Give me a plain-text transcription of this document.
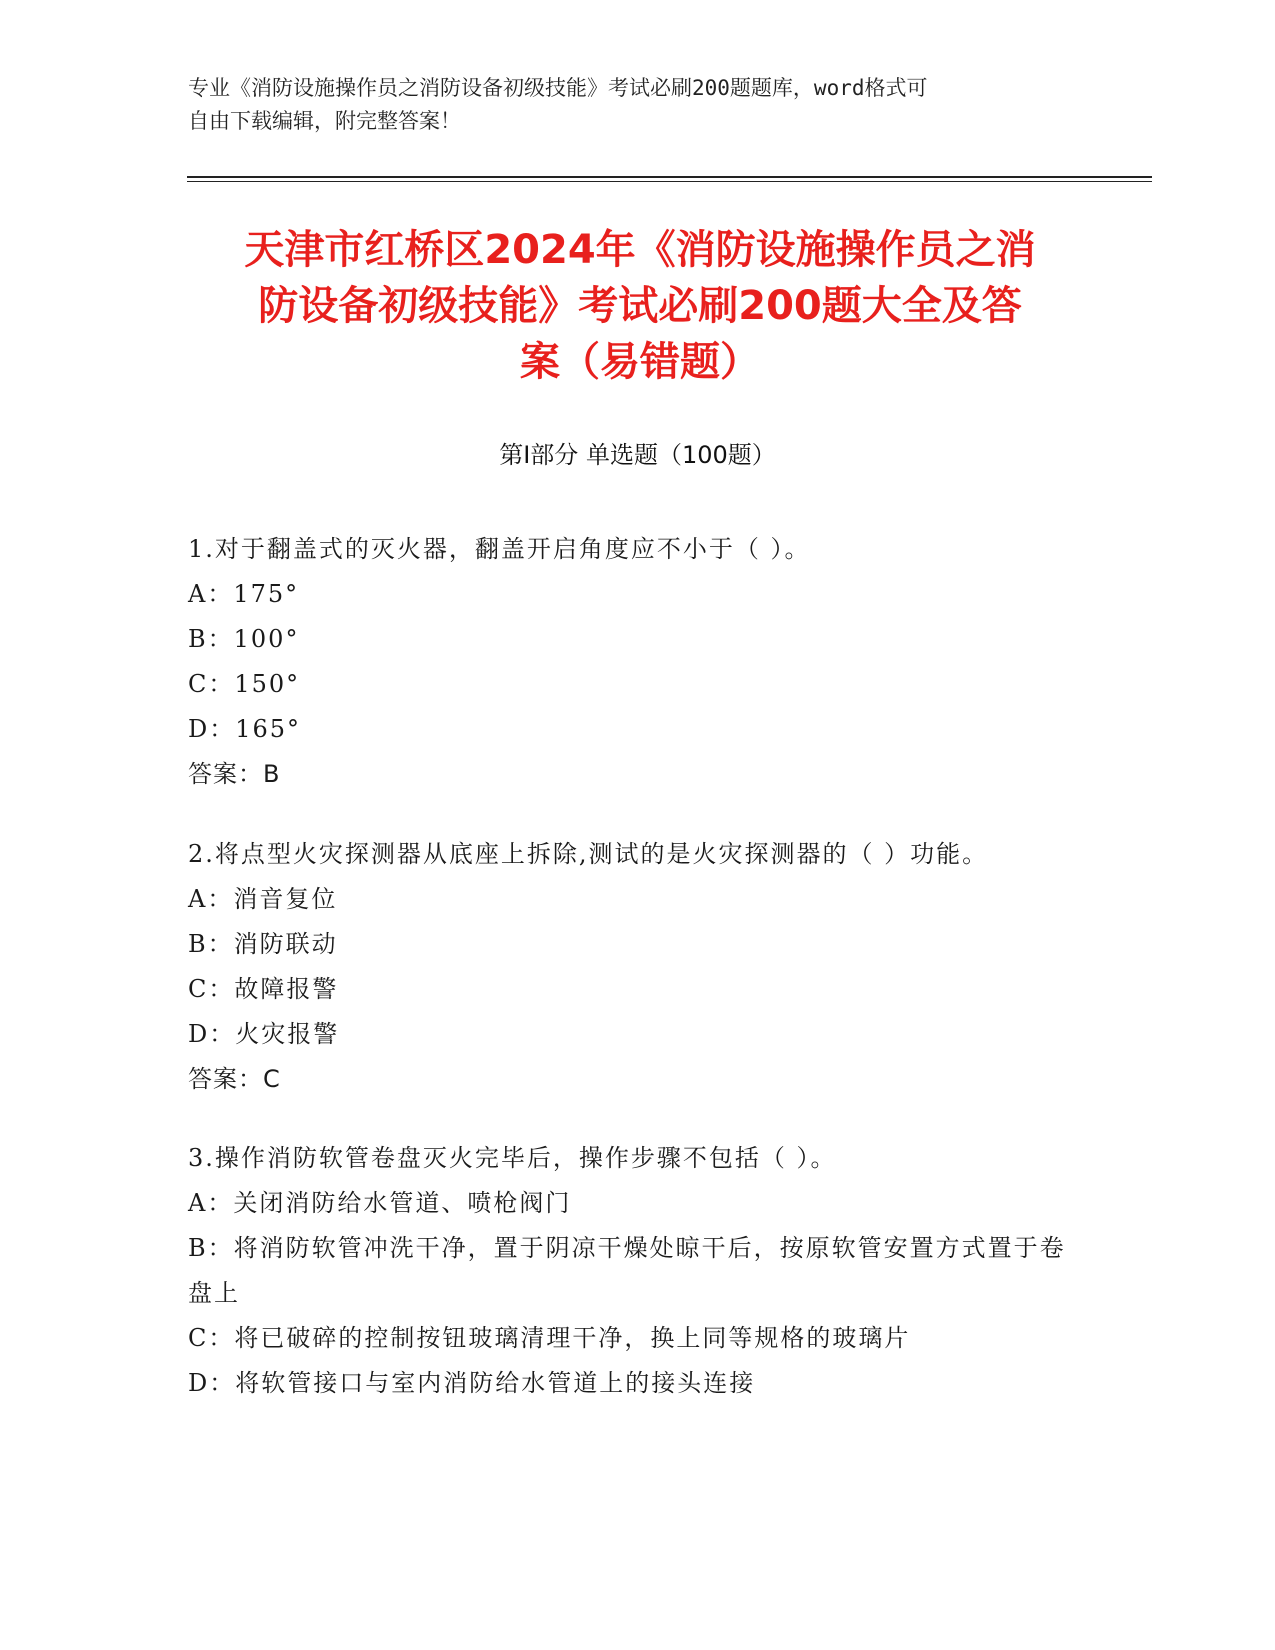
专业《消防设施操作员之消防设备初级技能》考试必刷200题题库，word格式可

自由下载编辑，附完整答案！

天津市红桥区2024年《消防设施操作员之消
防设备初级技能》考试必刷200题大全及答
案（易错题）
第I部分 单选题（100题）

1.对于翻盖式的灭火器，翻盖开启角度应不小于（ ）。

A：175°

B：100°

C：150°

D：165°

答案：B

2.将点型火灾探测器从底座上拆除,测试的是火灾探测器的（ ）功能。

A：消音复位

B：消防联动

C：故障报警

D：火灾报警

答案：C

3.操作消防软管卷盘灭火完毕后，操作步骤不包括（ ）。

A：关闭消防给水管道、喷枪阀门

B：将消防软管冲洗干净，置于阴凉干燥处晾干后，按原软管安置方式置于卷盘上

C：将已破碎的控制按钮玻璃清理干净，换上同等规格的玻璃片

D：将软管接口与室内消防给水管道上的接头连接
